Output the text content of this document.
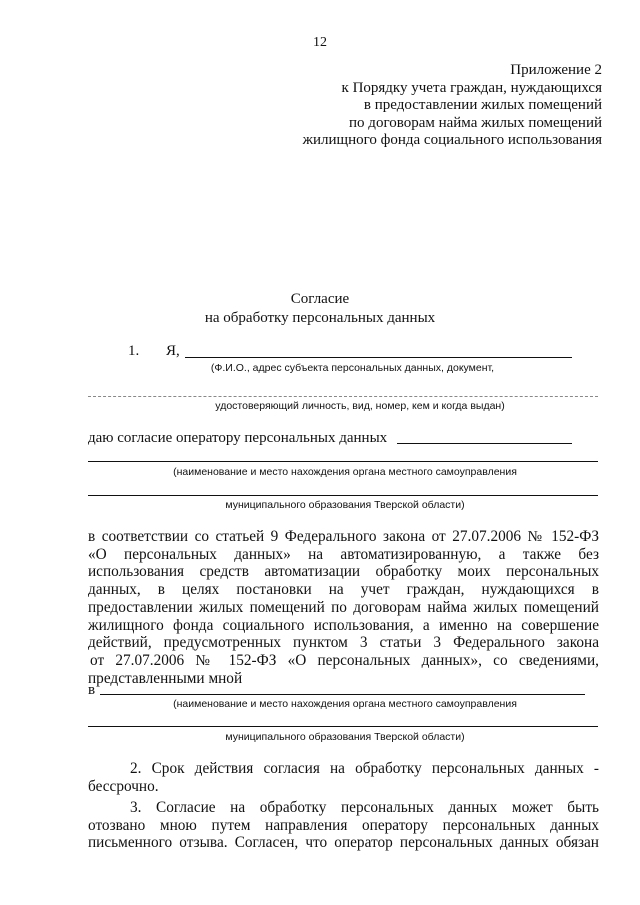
12
Приложение 2
к Порядку учета граждан, нуждающихся
в предоставлении жилых помещений
по договорам найма жилых помещений
жилищного фонда социального использования
Согласие
на обработку персональных данных
1. Я,
(Ф.И.О., адрес субъекта персональных данных, документ,
удостоверяющий личность, вид, номер, кем и когда выдан)
даю согласие оператору персональных данных
(наименование и место нахождения органа местного самоуправления
муниципального образования Тверской области)
в соответствии со статьей 9 Федерального закона от 27.07.2006 № 152-ФЗ
«О персональных данных» на автоматизированную, а также без
использования средств автоматизации обработку моих персональных
данных, в целях постановки на учет граждан, нуждающихся в
предоставлении жилых помещений по договорам найма жилых помещений
жилищного фонда социального использования, а именно на совершение
действий, предусмотренных пунктом 3 статьи 3 Федерального закона
от 27.07.2006 № 152-ФЗ «О персональных данных», со сведениями,
представленными мной
в
(наименование и место нахождения органа местного самоуправления
муниципального образования Тверской области)
2. Срок действия согласия на обработку персональных данных -
бессрочно.
3. Согласие на обработку персональных данных может быть
отозвано мною путем направления оператору персональных данных
письменного отзыва. Согласен, что оператор персональных данных обязан
